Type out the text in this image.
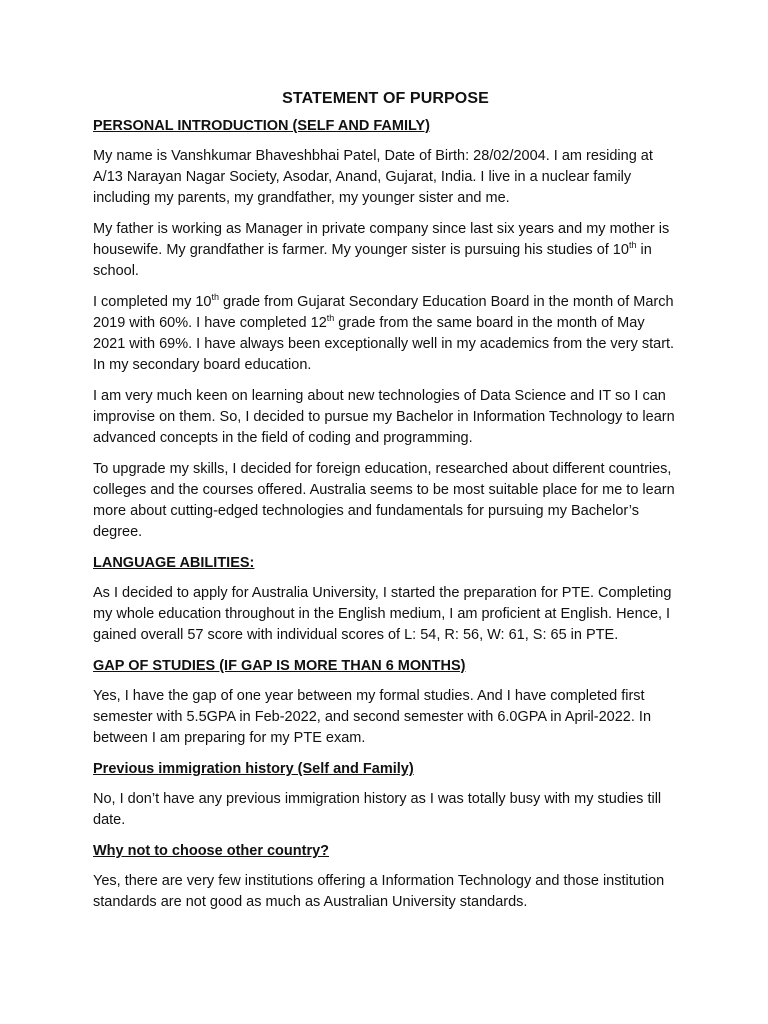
STATEMENT OF PURPOSE
PERSONAL INTRODUCTION (SELF AND FAMILY)

My name is Vanshkumar Bhaveshbhai Patel, Date of Birth: 28/02/2004. I am residing at A/13 Narayan Nagar Society, Asodar, Anand, Gujarat, India. I live in a nuclear family including my parents, my grandfather, my younger sister and me.

My father is working as Manager in private company since last six years and my mother is housewife. My grandfather is farmer. My younger sister is pursuing his studies of 10th in school.

I completed my 10th grade from Gujarat Secondary Education Board in the month of March 2019 with 60%. I have completed 12th grade from the same board in the month of May 2021 with 69%. I have always been exceptionally well in my academics from the very start. In my secondary board education.

I am very much keen on learning about new technologies of Data Science and IT so I can improvise on them. So, I decided to pursue my Bachelor in Information Technology to learn advanced concepts in the field of coding and programming.

To upgrade my skills, I decided for foreign education, researched about different countries, colleges and the courses offered. Australia seems to be most suitable place for me to learn more about cutting-edged technologies and fundamentals for pursuing my Bachelor’s degree.

LANGUAGE ABILITIES:

As I decided to apply for Australia University, I started the preparation for PTE. Completing my whole education throughout in the English medium, I am proficient at English. Hence, I gained overall 57 score with individual scores of L: 54, R: 56, W: 61, S: 65 in PTE.

GAP OF STUDIES (IF GAP IS MORE THAN 6 MONTHS)

Yes, I have the gap of one year between my formal studies. And I have completed first semester with 5.5GPA in Feb-2022, and second semester with 6.0GPA in April-2022. In between I am preparing for my PTE exam.

Previous immigration history (Self and Family)

No, I don’t have any previous immigration history as I was totally busy with my studies till date.

Why not to choose other country?

Yes, there are very few institutions offering a Information Technology and those institution standards are not good as much as Australian University standards.
